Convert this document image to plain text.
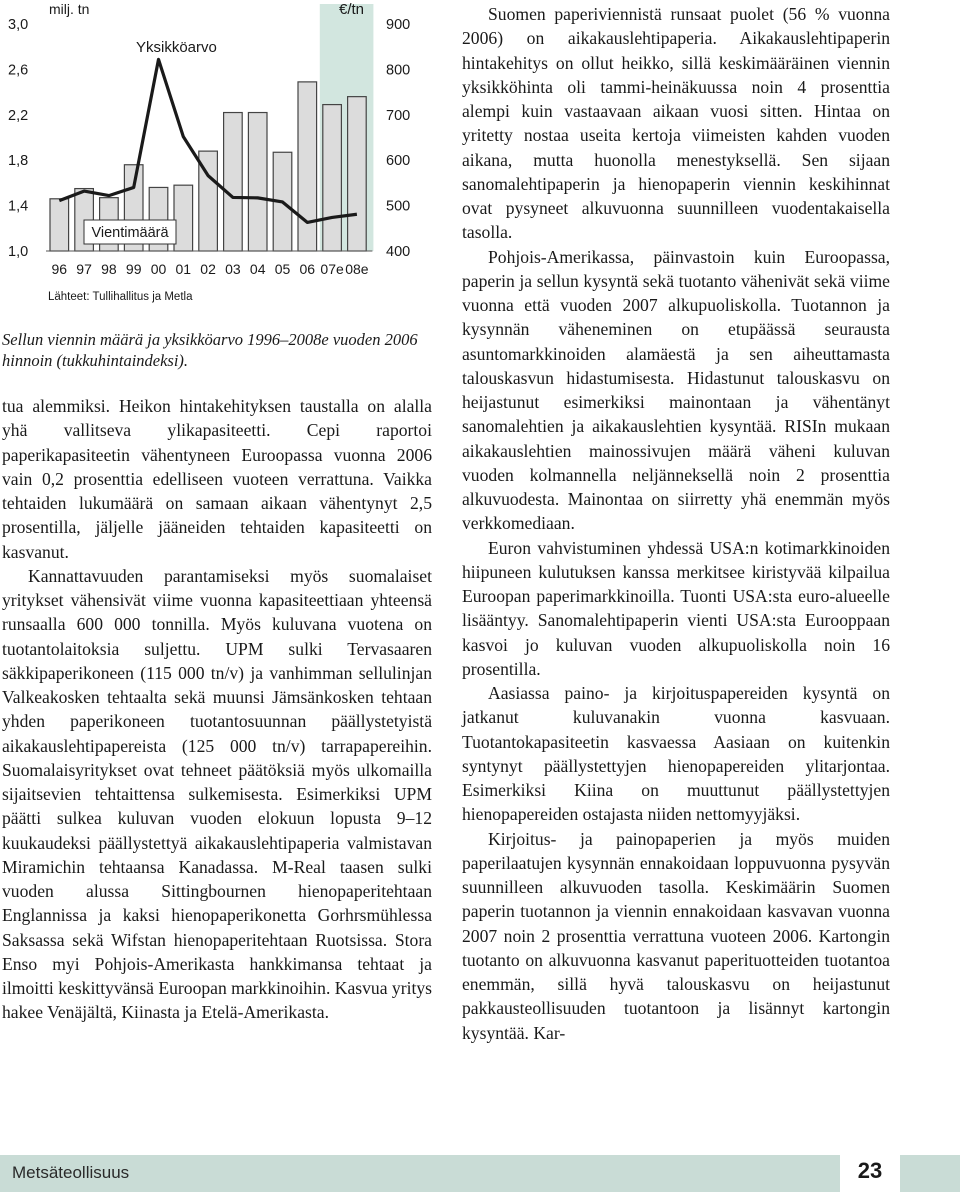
3,0
2,6
2,2
1,8
1,4
1,0
900
800
700
600
500
400
96 97 98 99 00 01 02 03 04 05 06 07e 08e
milj. tn	€/tn
Yksikköarvo
Vientimäärä
Lähteet: Tullihallitus ja Metla
Sellun viennin määrä ja yksikköarvo 1996–2008e vuoden 2006 hinnoin (tukkuhintaindeksi).

tua alemmiksi. Heikon hintakehityksen taustalla on alalla yhä vallitseva ylikapasiteetti. Cepi raportoi paperikapasiteetin vähentyneen Euroopassa vuonna 2006 vain 0,2 prosenttia edelliseen vuoteen verrattuna. Vaikka tehtaiden lukumäärä on samaan aikaan vähentynyt 2,5 prosentilla, jäljelle jääneiden tehtaiden kapasiteetti on kasvanut.

Kannattavuuden parantamiseksi myös suomalaiset yritykset vähensivät viime vuonna kapasiteettiaan yhteensä runsaalla 600 000 tonnilla. Myös kuluvana vuotena on tuotantolaitoksia suljettu. UPM sulki Tervasaaren säkkipaperikoneen (115 000 tn/v) ja vanhimman sellulinjan Valkeakosken tehtaalta sekä muunsi Jämsänkosken tehtaan yhden paperikoneen tuotantosuunnan päällystetyistä aikakauslehtipapereista (125 000 tn/v) tarrapapereihin. Suomalaisyritykset ovat tehneet päätöksiä myös ulkomailla sijaitsevien tehtaittensa sulkemisesta. Esimerkiksi UPM päätti sulkea kuluvan vuoden elokuun lopusta 9–12 kuukaudeksi päällystettyä aikakauslehtipaperia valmistavan Miramichin tehtaansa Kanadassa. M-Real taasen sulki vuoden alussa Sittingbournen hienopaperitehtaan Englannissa ja kaksi hienopaperikonetta Gorhrsmühlessa Saksassa sekä Wifstan hienopaperitehtaan Ruotsissa. Stora Enso myi Pohjois-Amerikasta hankkimansa tehtaat ja ilmoitti keskittyvänsä Euroopan markkinoihin. Kasvua yritys hakee Venäjältä, Kiinasta ja Etelä-Amerikasta.

Suomen paperiviennistä runsaat puolet (56 % vuonna 2006) on aikakauslehtipaperia. Aikakauslehtipaperin hintakehitys on ollut heikko, sillä keskimääräinen viennin yksikköhinta oli tammi-heinäkuussa noin 4 prosenttia alempi kuin vastaavaan aikaan vuosi sitten. Hintaa on yritetty nostaa useita kertoja viimeisten kahden vuoden aikana, mutta huonolla menestyksellä. Sen sijaan sanomalehtipaperin ja hienopaperin viennin keskihinnat ovat pysyneet alkuvuonna suunnilleen vuodentakaisella tasolla.

Pohjois-Amerikassa, päinvastoin kuin Euroopassa, paperin ja sellun kysyntä sekä tuotanto vähenivät sekä viime vuonna että vuoden 2007 alkupuoliskolla. Tuotannon ja kysynnän väheneminen on etupäässä seurausta asuntomarkkinoiden alamäestä ja sen aiheuttamasta talouskasvun hidastumisesta. Hidastunut talouskasvu on heijastunut esimerkiksi mainontaan ja vähentänyt sanomalehtien ja aikakauslehtien kysyntää. RISIn mukaan aikakauslehtien mainossivujen määrä väheni kuluvan vuoden kolmannella neljänneksellä noin 2 prosenttia alkuvuodesta. Mainontaa on siirretty yhä enemmän myös verkkomediaan.

Euron vahvistuminen yhdessä USA:n kotimarkkinoiden hiipuneen kulutuksen kanssa merkitsee kiristyvää kilpailua Euroopan paperimarkkinoilla. Tuonti USA:sta euro-alueelle lisääntyy. Sanomalehtipaperin vienti USA:sta Eurooppaan kasvoi jo kuluvan vuoden alkupuoliskolla noin 16 prosentilla.

Aasiassa paino- ja kirjoituspapereiden kysyntä on jatkanut kuluvanakin vuonna kasvuaan. Tuotantokapasiteetin kasvaessa Aasiaan on kuitenkin syntynyt päällystettyjen hienopapereiden ylitarjontaa. Esimerkiksi Kiina on muuttunut päällystettyjen hienopapereiden ostajasta niiden nettomyyjäksi.

Kirjoitus- ja painopaperien ja myös muiden paperilaatujen kysynnän ennakoidaan loppuvuonna pysyvän suunnilleen alkuvuoden tasolla. Keskimäärin Suomen paperin tuotannon ja viennin ennakoidaan kasvavan vuonna 2007 noin 2 prosenttia verrattuna vuoteen 2006. Kartongin tuotanto on alkuvuonna kasvanut paperituotteiden tuotantoa enemmän, sillä hyvä talouskasvu on heijastunut pakkausteollisuuden tuotantoon ja lisännyt kartongin kysyntää. Kar-

Metsäteollisuus	23
